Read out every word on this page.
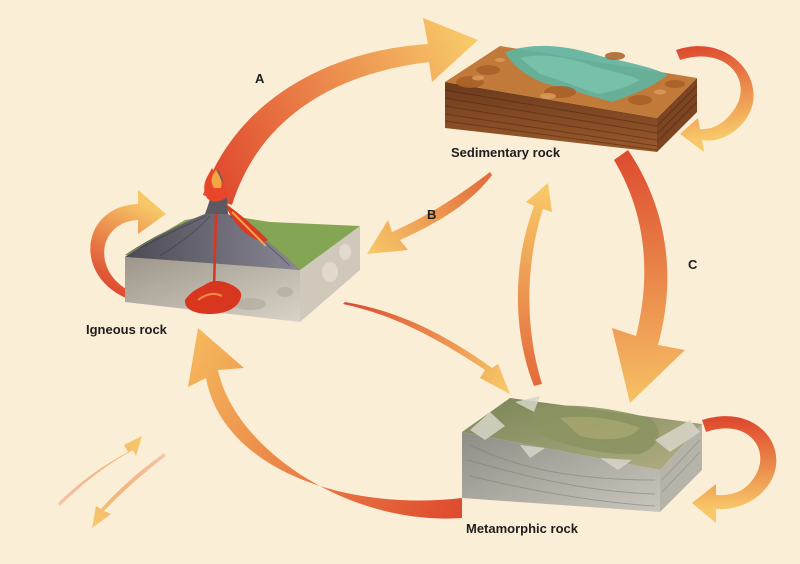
Sedimentary rock

Igneous rock

Metamorphic rock

A

B

C
